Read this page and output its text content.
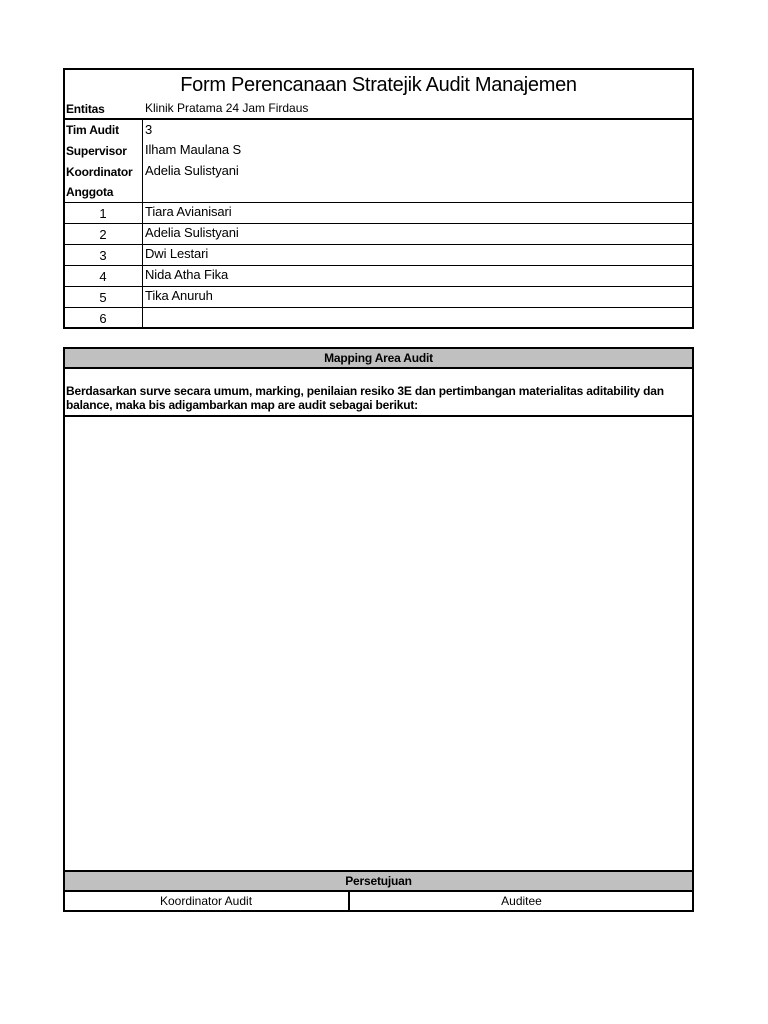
Form Perencanaan Stratejik Audit Manajemen
Entitas	Klinik Pratama 24 Jam Firdaus
Tim Audit 3
Supervisor Ilham Maulana S
Koordinator Adelia Sulistyani
Anggota
1	Tiara Avianisari
2	Adelia Sulistyani
3	Dwi Lestari
4	Nida Atha Fika
5	Tika Anuruh
6
Mapping Area Audit
Berdasarkan surve secara umum, marking, penilaian resiko 3E dan pertimbangan materialitas aditability dan
balance, maka bis adigambarkan map are audit sebagai berikut:
Persetujuan
Koordinator Audit	Auditee
